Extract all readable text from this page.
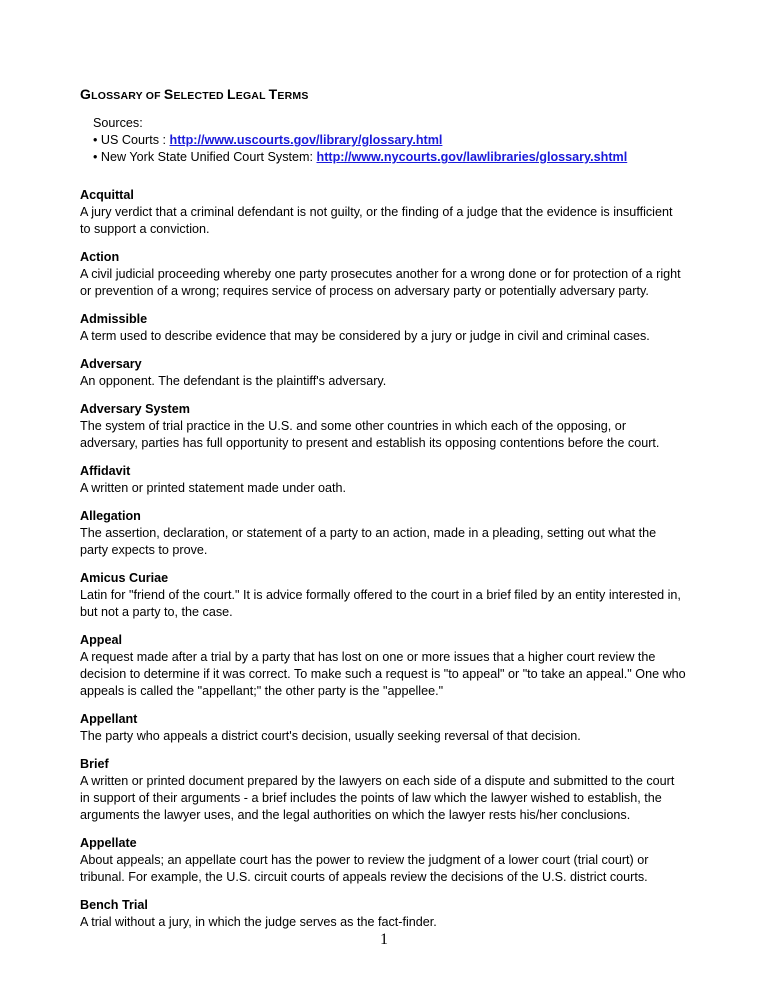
GLOSSARY OF SELECTED LEGAL TERMS
Sources:
• US Courts : http://www.uscourts.gov/library/glossary.html
• New York State Unified Court System: http://www.nycourts.gov/lawlibraries/glossary.shtml
Acquittal
A jury verdict that a criminal defendant is not guilty, or the finding of a judge that the evidence is insufficient
to support a conviction.
Action
A civil judicial proceeding whereby one party prosecutes another for a wrong done or for protection of a right
or prevention of a wrong; requires service of process on adversary party or potentially adversary party.
Admissible
A term used to describe evidence that may be considered by a jury or judge in civil and criminal cases.
Adversary
An opponent. The defendant is the plaintiff's adversary.
Adversary System
The system of trial practice in the U.S. and some other countries in which each of the opposing, or
adversary, parties has full opportunity to present and establish its opposing contentions before the court.
Affidavit
A written or printed statement made under oath.
Allegation
The assertion, declaration, or statement of a party to an action, made in a pleading, setting out what the
party expects to prove.
Amicus Curiae
Latin for "friend of the court." It is advice formally offered to the court in a brief filed by an entity interested in,
but not a party to, the case.
Appeal
A request made after a trial by a party that has lost on one or more issues that a higher court review the
decision to determine if it was correct. To make such a request is "to appeal" or "to take an appeal." One who
appeals is called the "appellant;" the other party is the "appellee."
Appellant
The party who appeals a district court's decision, usually seeking reversal of that decision.
Brief
A written or printed document prepared by the lawyers on each side of a dispute and submitted to the court
in support of their arguments - a brief includes the points of law which the lawyer wished to establish, the
arguments the lawyer uses, and the legal authorities on which the lawyer rests his/her conclusions.
Appellate
About appeals; an appellate court has the power to review the judgment of a lower court (trial court) or
tribunal. For example, the U.S. circuit courts of appeals review the decisions of the U.S. district courts.
Bench Trial
A trial without a jury, in which the judge serves as the fact-finder.
1
